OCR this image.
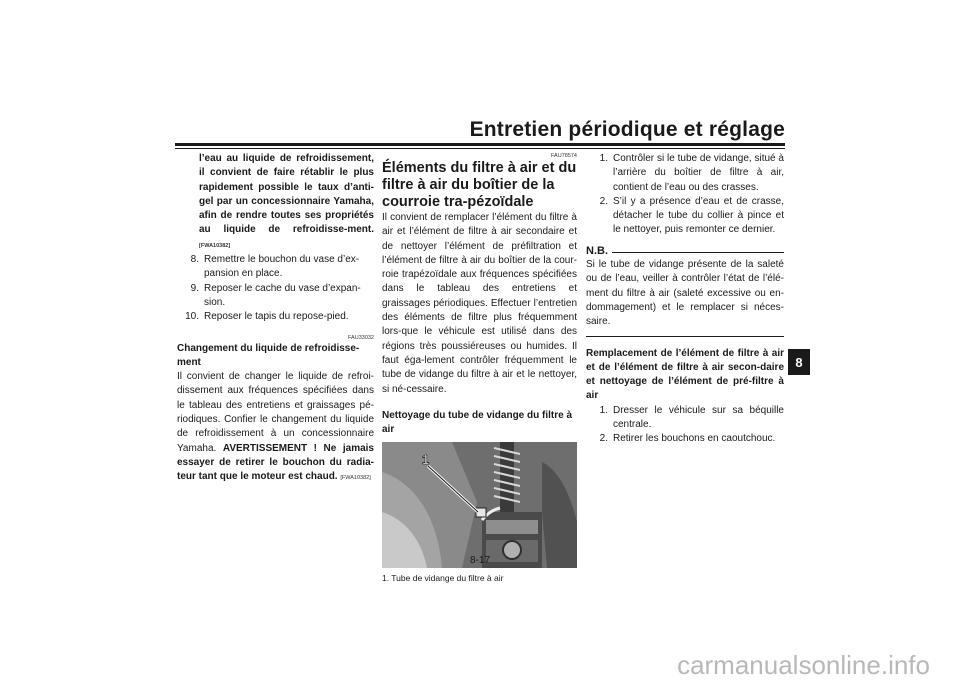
Entretien périodique et réglage
8
l’eau au liquide de refroidissement, il convient de faire rétablir le plus rapidement possible le taux d’anti-gel par un concessionnaire Yamaha, afin de rendre toutes ses propriétés au liquide de refroidisse-ment. [FWA10382]
8. Remettre le bouchon du vase d’ex-pansion en place.
9. Reposer le cache du vase d’expan-sion.
10. Reposer le tapis du repose-pied.
FAU33032
Changement du liquide de refroidisse-ment
Il convient de changer le liquide de refroi-dissement aux fréquences spécifiées dans le tableau des entretiens et graissages pé-riodiques. Confier le changement du liquide de refroidissement à un concessionnaire Yamaha. AVERTISSEMENT ! Ne jamais essayer de retirer le bouchon du radia-teur tant que le moteur est chaud. [FWA10382]
FAU78574
Éléments du filtre à air et du filtre à air du boîtier de la courroie tra-pézoïdale
Il convient de remplacer l’élément du filtre à air et l’élément de filtre à air secondaire et de nettoyer l’élément de préfiltration et l’élément de filtre à air du boîtier de la cour-roie trapézoïdale aux fréquences spécifiées dans le tableau des entretiens et graissages périodiques. Effectuer l’entretien des éléments de filtre plus fréquemment lors-que le véhicule est utilisé dans des régions très poussiéreuses ou humides. Il faut éga-lement contrôler fréquemment le tube de vidange du filtre à air et le nettoyer, si né-cessaire.
Nettoyage du tube de vidange du filtre à air
1
1. Tube de vidange du filtre à air
1. Contrôler si le tube de vidange, situé à l’arrière du boîtier de filtre à air, contient de l’eau ou des crasses.
2. S’il y a présence d’eau et de crasse, détacher le tube du collier à pince et le nettoyer, puis remonter ce dernier.
N.B.
Si le tube de vidange présente de la saleté ou de l’eau, veiller à contrôler l’état de l’élé-ment du filtre à air (saleté excessive ou en-dommagement) et le remplacer si néces-saire.
Remplacement de l’élément de filtre à air et de l’élément de filtre à air secon-daire et nettoyage de l’élément de pré-filtre à air
1. Dresser le véhicule sur sa béquille centrale.
2. Retirer les bouchons en caoutchouc.
8-17
carmanualsonline.info
